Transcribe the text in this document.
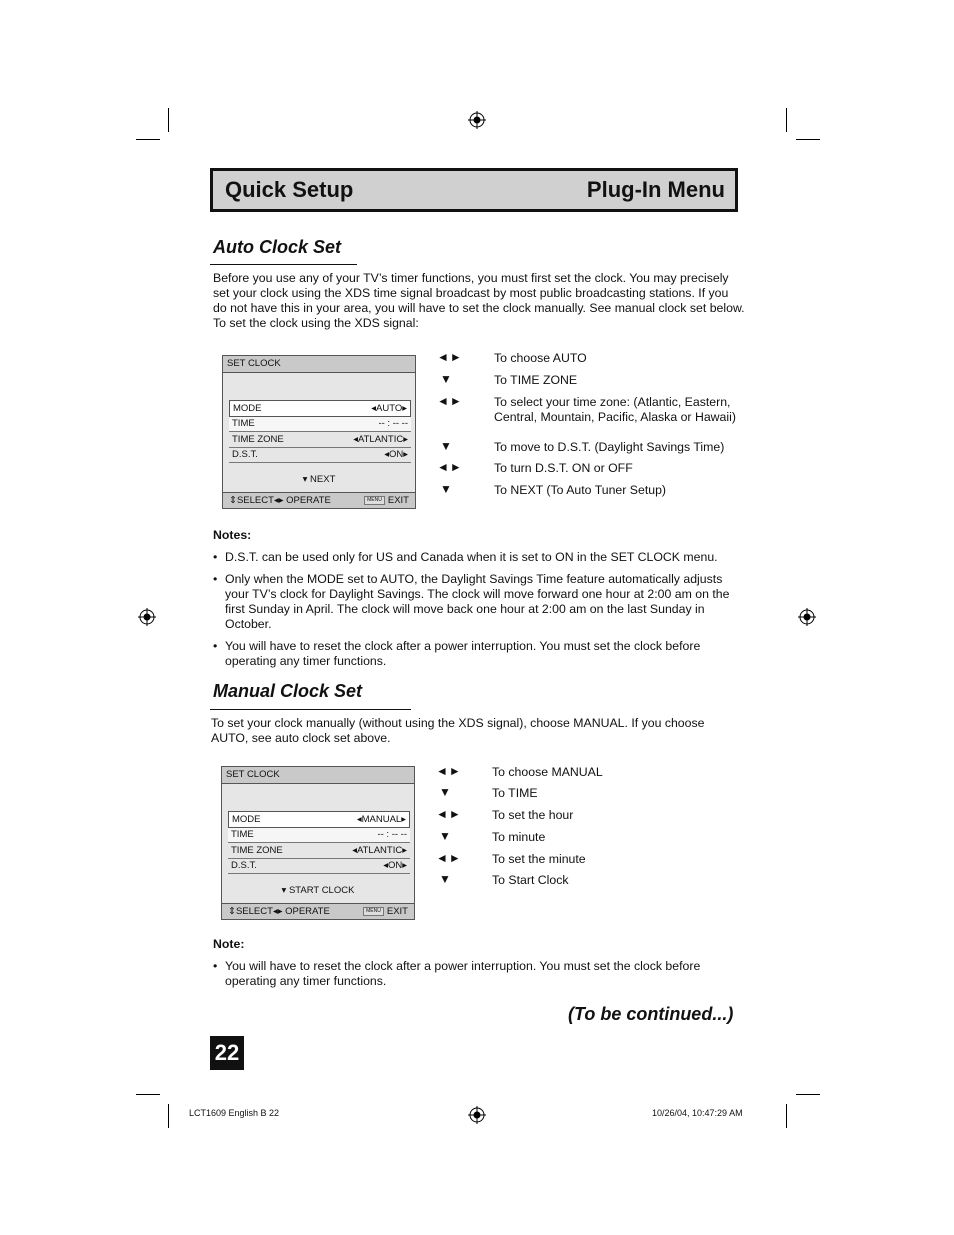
Quick Setup	Plug-In Menu
Auto Clock Set
Before you use any of your TV’s timer functions, you must first set the clock. You may precisely set your clock using the XDS time signal broadcast by most public broadcasting stations. If you do not have this in your area, you will have to set the clock manually. See manual clock set below. To set the clock using the XDS signal:
SET CLOCK
MODE	◂AUTO▸
TIME	-- : -- --
TIME ZONE	◂ATLANTIC▸
D.S.T.	◂ON▸
▾ NEXT
⇕SELECT◂▸ OPERATE	MENU EXIT
◄►	To choose AUTO
▼	To TIME ZONE
◄►	To select your time zone: (Atlantic, Eastern, Central, Mountain, Pacific, Alaska or Hawaii)
▼	To move to D.S.T. (Daylight Savings Time)
◄►	To turn D.S.T. ON or OFF
▼	To NEXT (To Auto Tuner Setup)
Notes:
• D.S.T. can be used only for US and Canada when it is set to ON in the SET CLOCK menu.
• Only when the MODE set to AUTO, the Daylight Savings Time feature automatically adjusts your TV’s clock for Daylight Savings. The clock will move forward one hour at 2:00 am on the first Sunday in April. The clock will move back one hour at 2:00 am on the last Sunday in October.
• You will have to reset the clock after a power interruption. You must set the clock before operating any timer functions.
Manual Clock Set
To set your clock manually (without using the XDS signal), choose MANUAL. If you choose AUTO, see auto clock set above.
SET CLOCK
MODE	◂MANUAL▸
TIME	-- : -- --
TIME ZONE	◂ATLANTIC▸
D.S.T.	◂ON▸
▾ START CLOCK
⇕SELECT◂▸ OPERATE	MENU EXIT
◄► To choose MANUAL
▼	To TIME
◄► To set the hour
▼	To minute
◄► To set the minute
▼	To Start Clock
Note:
• You will have to reset the clock after a power interruption. You must set the clock before operating any timer functions.
(To be continued...)
22
LCT1609 English B 22	10/26/04, 10:47:29 AM
